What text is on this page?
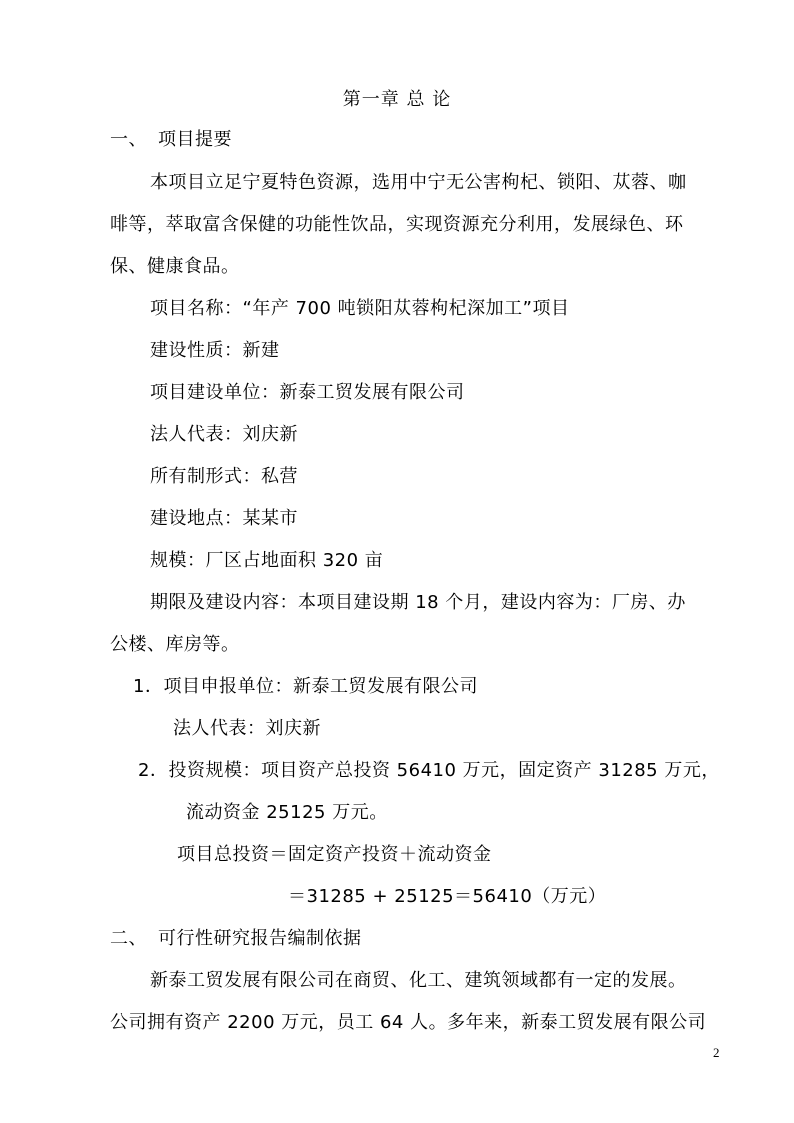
第一章 总 论
一、 项目提要
本项目立足宁夏特色资源，选用中宁无公害枸杞、锁阳、苁蓉、咖
啡等，萃取富含保健的功能性饮品，实现资源充分利用，发展绿色、环
保、健康食品。
项目名称：“年产 700 吨锁阳苁蓉枸杞深加工”项目
建设性质：新建
项目建设单位：新泰工贸发展有限公司
法人代表：刘庆新
所有制形式：私营
建设地点：某某市
规模：厂区占地面积 320 亩
期限及建设内容：本项目建设期 18 个月，建设内容为：厂房、办
公楼、库房等。
1．项目申报单位：新泰工贸发展有限公司
法人代表：刘庆新
2．投资规模：项目资产总投资 56410 万元，固定资产 31285 万元，
流动资金 25125 万元。
项目总投资＝固定资产投资＋流动资金
＝31285 + 25125＝56410（万元）
二、 可行性研究报告编制依据
新泰工贸发展有限公司在商贸、化工、建筑领域都有一定的发展。
公司拥有资产 2200 万元，员工 64 人。多年来，新泰工贸发展有限公司
2
